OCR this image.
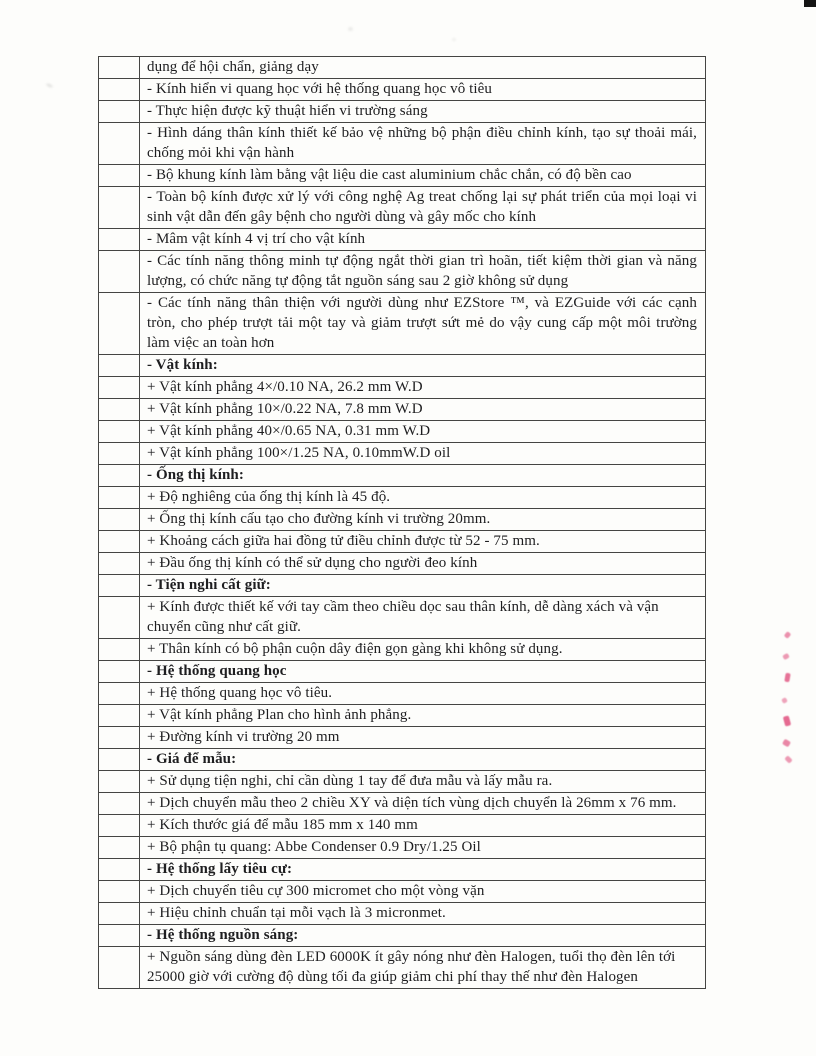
	dụng để hội chẩn, giảng dạy
	- Kính hiển vi quang học với hệ thống quang học vô tiêu
	- Thực hiện được kỹ thuật hiển vi trường sáng
	- Hình dáng thân kính thiết kế bảo vệ những bộ phận điều chỉnh kính, tạo sự thoải mái, chống mỏi khi vận hành
	- Bộ khung kính làm bằng vật liệu die cast aluminium chắc chắn, có độ bền cao
	- Toàn bộ kính được xử lý với công nghệ Ag treat chống lại sự phát triển của mọi loại vi sinh vật dẫn đến gây bệnh cho người dùng và gây mốc cho kính
	- Mâm vật kính 4 vị trí cho vật kính
	- Các tính năng thông minh tự động ngắt thời gian trì hoãn, tiết kiệm thời gian và năng lượng, có chức năng tự động tắt nguồn sáng sau 2 giờ không sử dụng
	- Các tính năng thân thiện với người dùng như EZStore ™, và EZGuide với các cạnh tròn, cho phép trượt tải một tay và giảm trượt sứt mẻ do vậy cung cấp một môi trường làm việc an toàn hơn
	- Vật kính:
	+ Vật kính phẳng 4×/0.10 NA, 26.2 mm W.D
	+ Vật kính phẳng 10×/0.22 NA, 7.8 mm W.D
	+ Vật kính phẳng 40×/0.65 NA, 0.31 mm W.D
	+ Vật kính phẳng 100×/1.25 NA, 0.10mmW.D oil
	- Ống thị kính:
	+ Độ nghiêng của ống thị kính là 45 độ.
	+ Ống thị kính cấu tạo cho đường kính vi trường 20mm.
	+ Khoảng cách giữa hai đồng tử điều chỉnh được từ 52 - 75 mm.
	+ Đầu ống thị kính có thể sử dụng cho người đeo kính
	- Tiện nghi cất giữ:
	+ Kính được thiết kế với tay cầm theo chiều dọc sau thân kính, dễ dàng xách và vận chuyển cũng như cất giữ.
	+ Thân kính có bộ phận cuộn dây điện gọn gàng khi không sử dụng.
	- Hệ thống quang học
	+ Hệ thống quang học vô tiêu.
	+ Vật kính phẳng Plan cho hình ảnh phẳng.
	+ Đường kính vi trường 20 mm
	- Giá để mẫu:
	+ Sử dụng tiện nghi, chỉ cần dùng 1 tay để đưa mẫu và lấy mẫu ra.
	+ Dịch chuyển mẫu theo 2 chiều XY và diện tích vùng dịch chuyển là 26mm x 76 mm.
	+ Kích thước giá để mẫu 185 mm x 140 mm
	+ Bộ phận tụ quang: Abbe Condenser 0.9 Dry/1.25 Oil
	- Hệ thống lấy tiêu cự:
	+ Dịch chuyển tiêu cự 300 micromet cho một vòng vặn
	+ Hiệu chỉnh chuẩn tại mỗi vạch là 3 micronmet.
	- Hệ thống nguồn sáng:
	+ Nguồn sáng dùng đèn LED 6000K ít gây nóng như đèn Halogen, tuổi thọ đèn lên tới 25000 giờ với cường độ dùng tối đa giúp giảm chi phí thay thế như đèn Halogen
